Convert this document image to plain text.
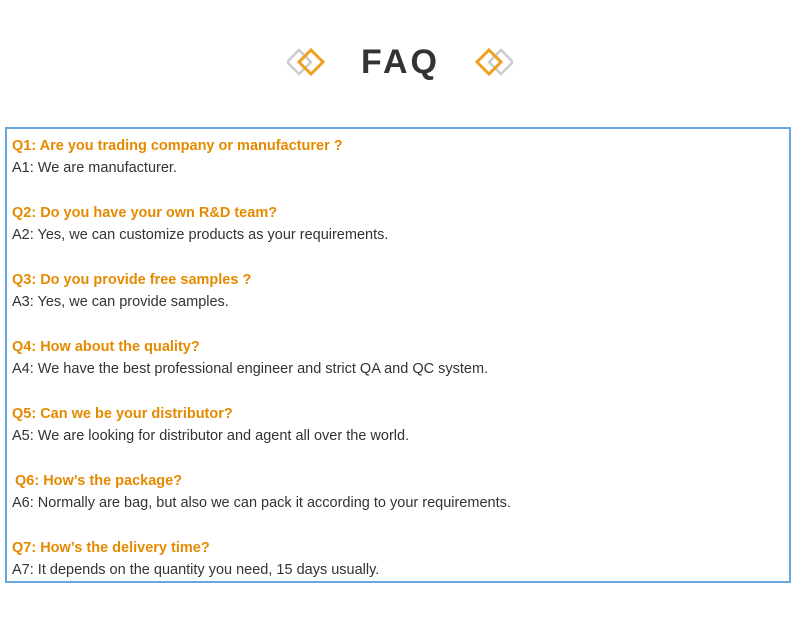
FAQ
Q1: Are you trading company or manufacturer ?
A1: We are manufacturer.
Q2: Do you have your own R&D team?
A2: Yes, we can customize products as your requirements.
Q3: Do you provide free samples ?
A3: Yes, we can provide samples.
Q4: How about the quality?
A4: We have the best professional engineer and strict QA and QC system.
Q5: Can we be your distributor?
A5: We are looking for distributor and agent all over the world.
Q6: How’s the package?
A6: Normally are bag, but also we can pack it according to your requirements.
Q7: How’s the delivery time?
A7: It depends on the quantity you need, 15 days usually.
